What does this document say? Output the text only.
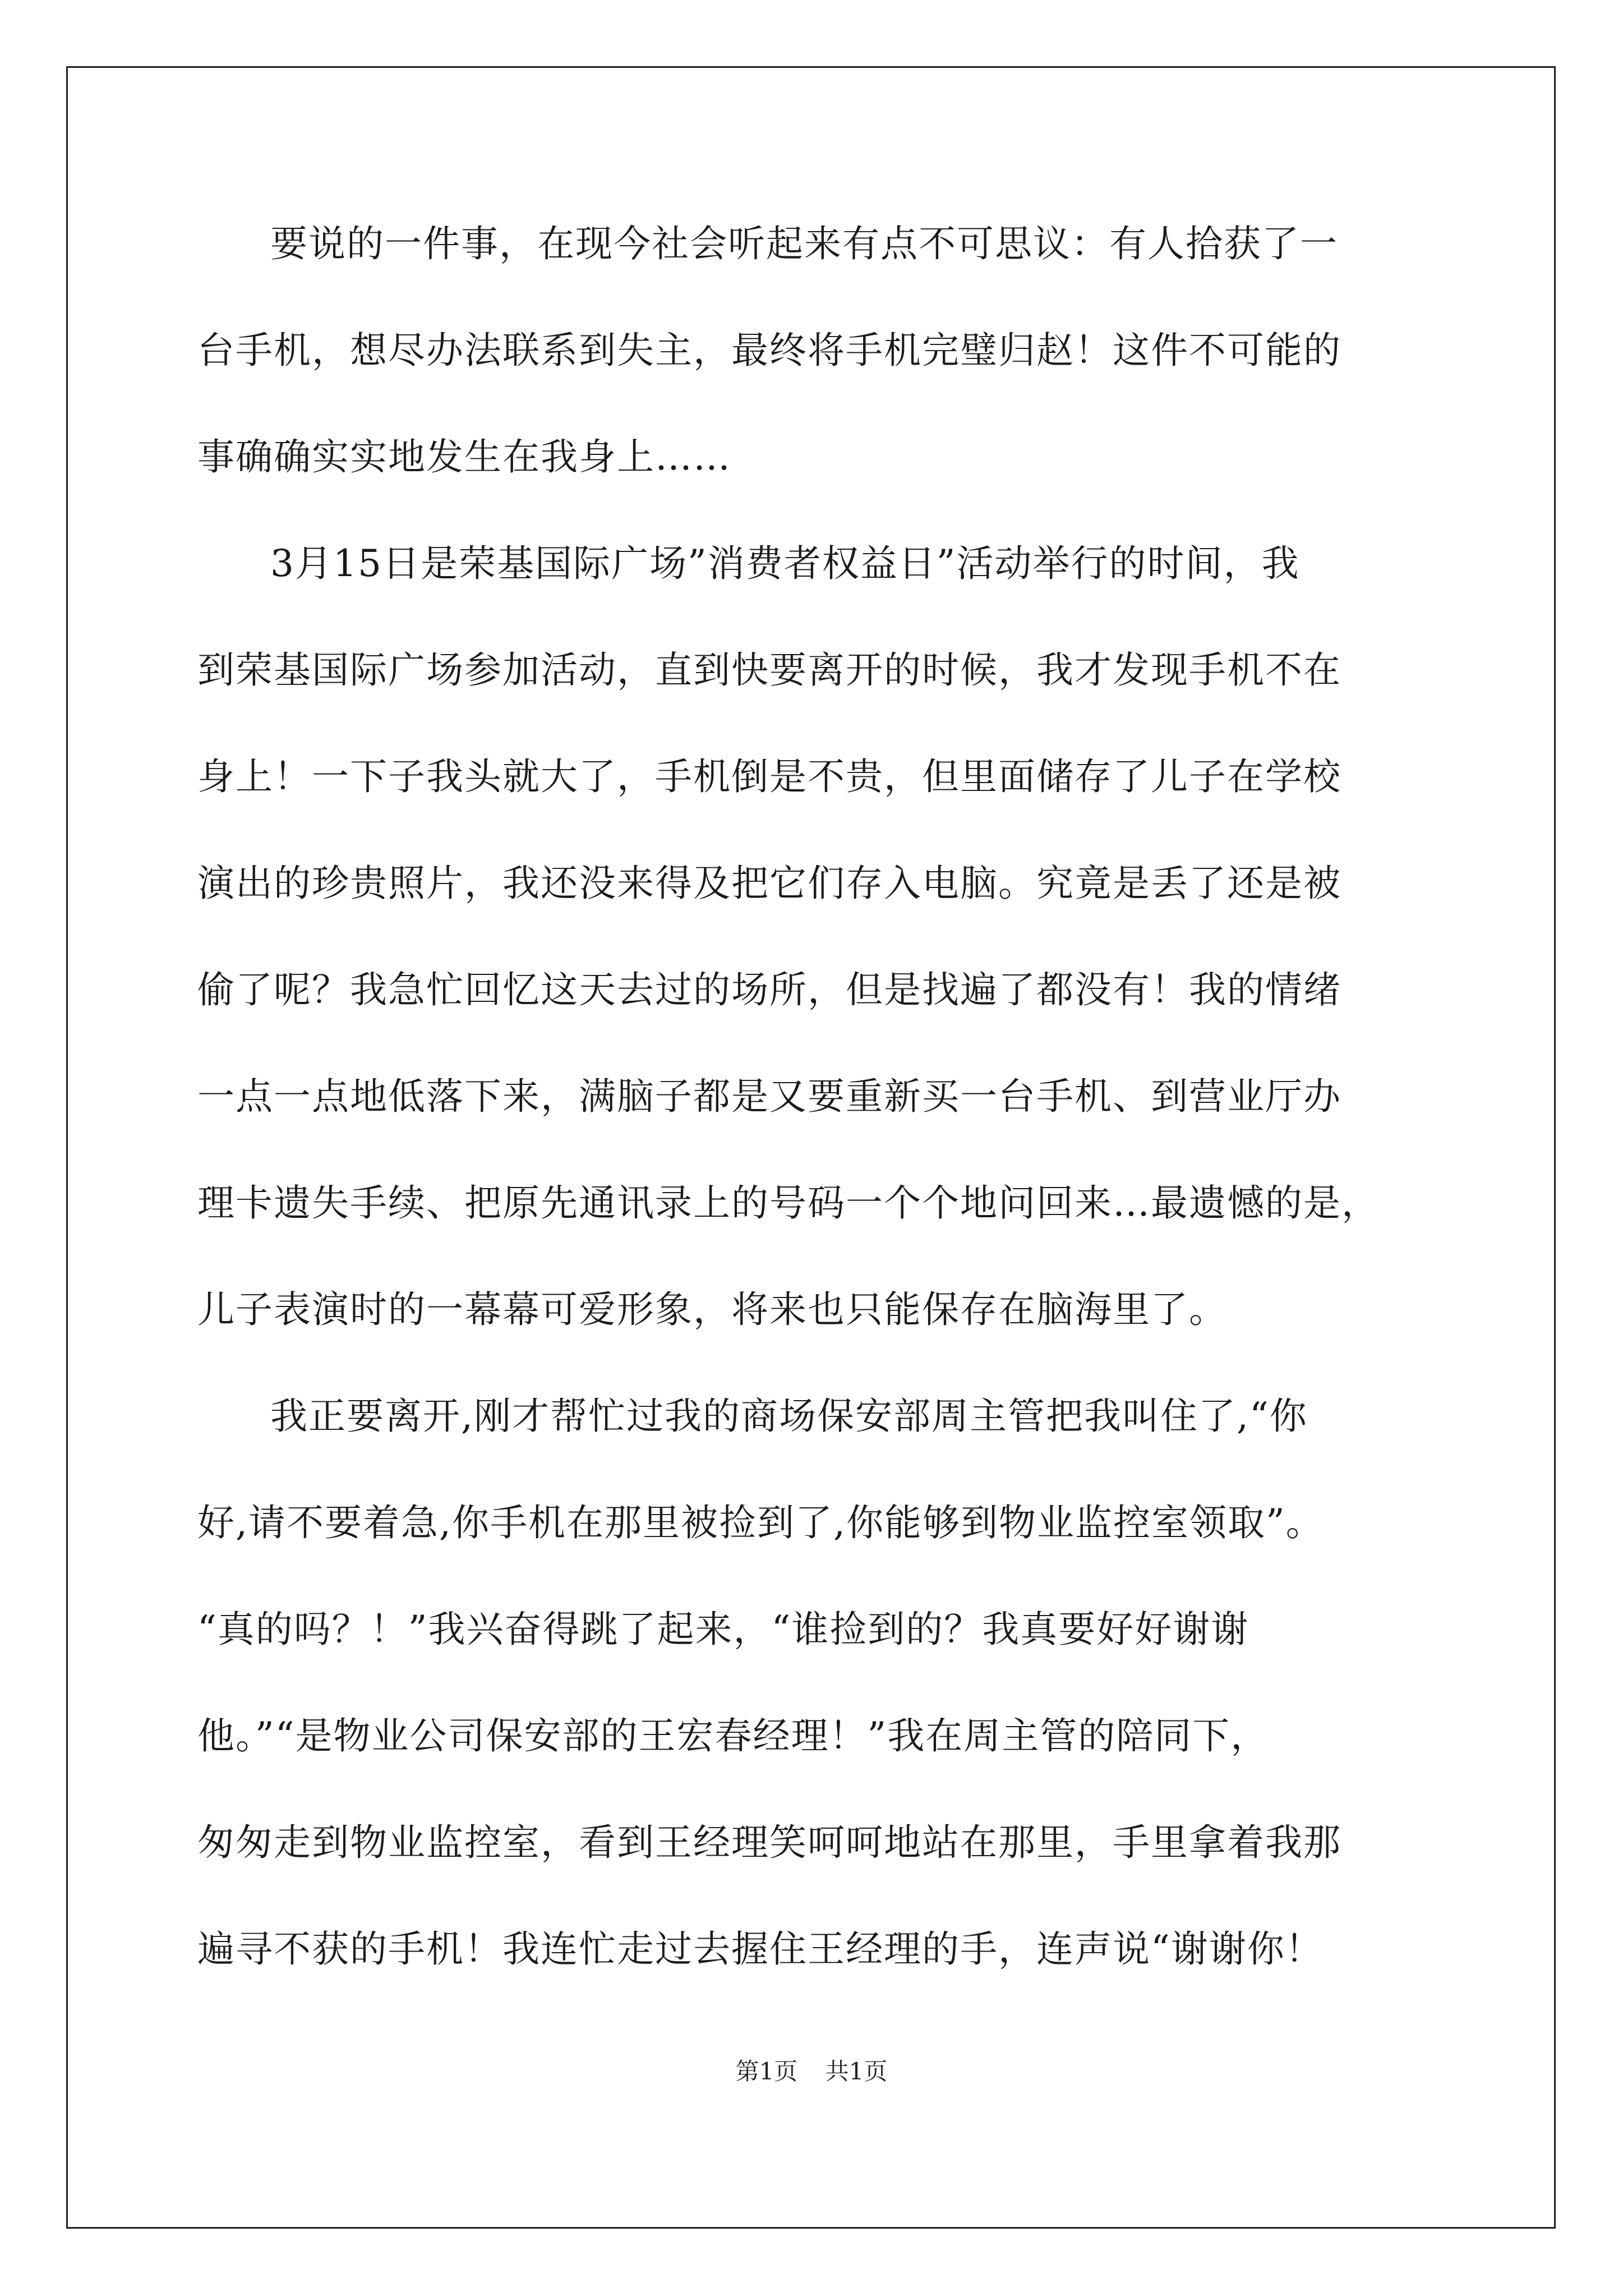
要说的一件事，在现今社会听起来有点不可思议：有人拾获了一
台手机，想尽办法联系到失主，最终将手机完璧归赵！这件不可能的
事确确实实地发生在我身上……
3月15日是荣基国际广场”消费者权益日”活动举行的时间，我
到荣基国际广场参加活动，直到快要离开的时候，我才发现手机不在
身上！一下子我头就大了，手机倒是不贵，但里面储存了儿子在学校
演出的珍贵照片，我还没来得及把它们存入电脑。究竟是丢了还是被
偷了呢？我急忙回忆这天去过的场所，但是找遍了都没有！我的情绪
一点一点地低落下来，满脑子都是又要重新买一台手机、到营业厅办
理卡遗失手续、把原先通讯录上的号码一个个地问回来…最遗憾的是，
儿子表演时的一幕幕可爱形象，将来也只能保存在脑海里了。
我正要离开,刚才帮忙过我的商场保安部周主管把我叫住了,“你
好,请不要着急,你手机在那里被捡到了,你能够到物业监控室领取”。
“真的吗？！”我兴奋得跳了起来，“谁捡到的？我真要好好谢谢
他。”“是物业公司保安部的王宏春经理！”我在周主管的陪同下，
匆匆走到物业监控室，看到王经理笑呵呵地站在那里，手里拿着我那
遍寻不获的手机！我连忙走过去握住王经理的手，连声说“谢谢你！
第1页 共1页
